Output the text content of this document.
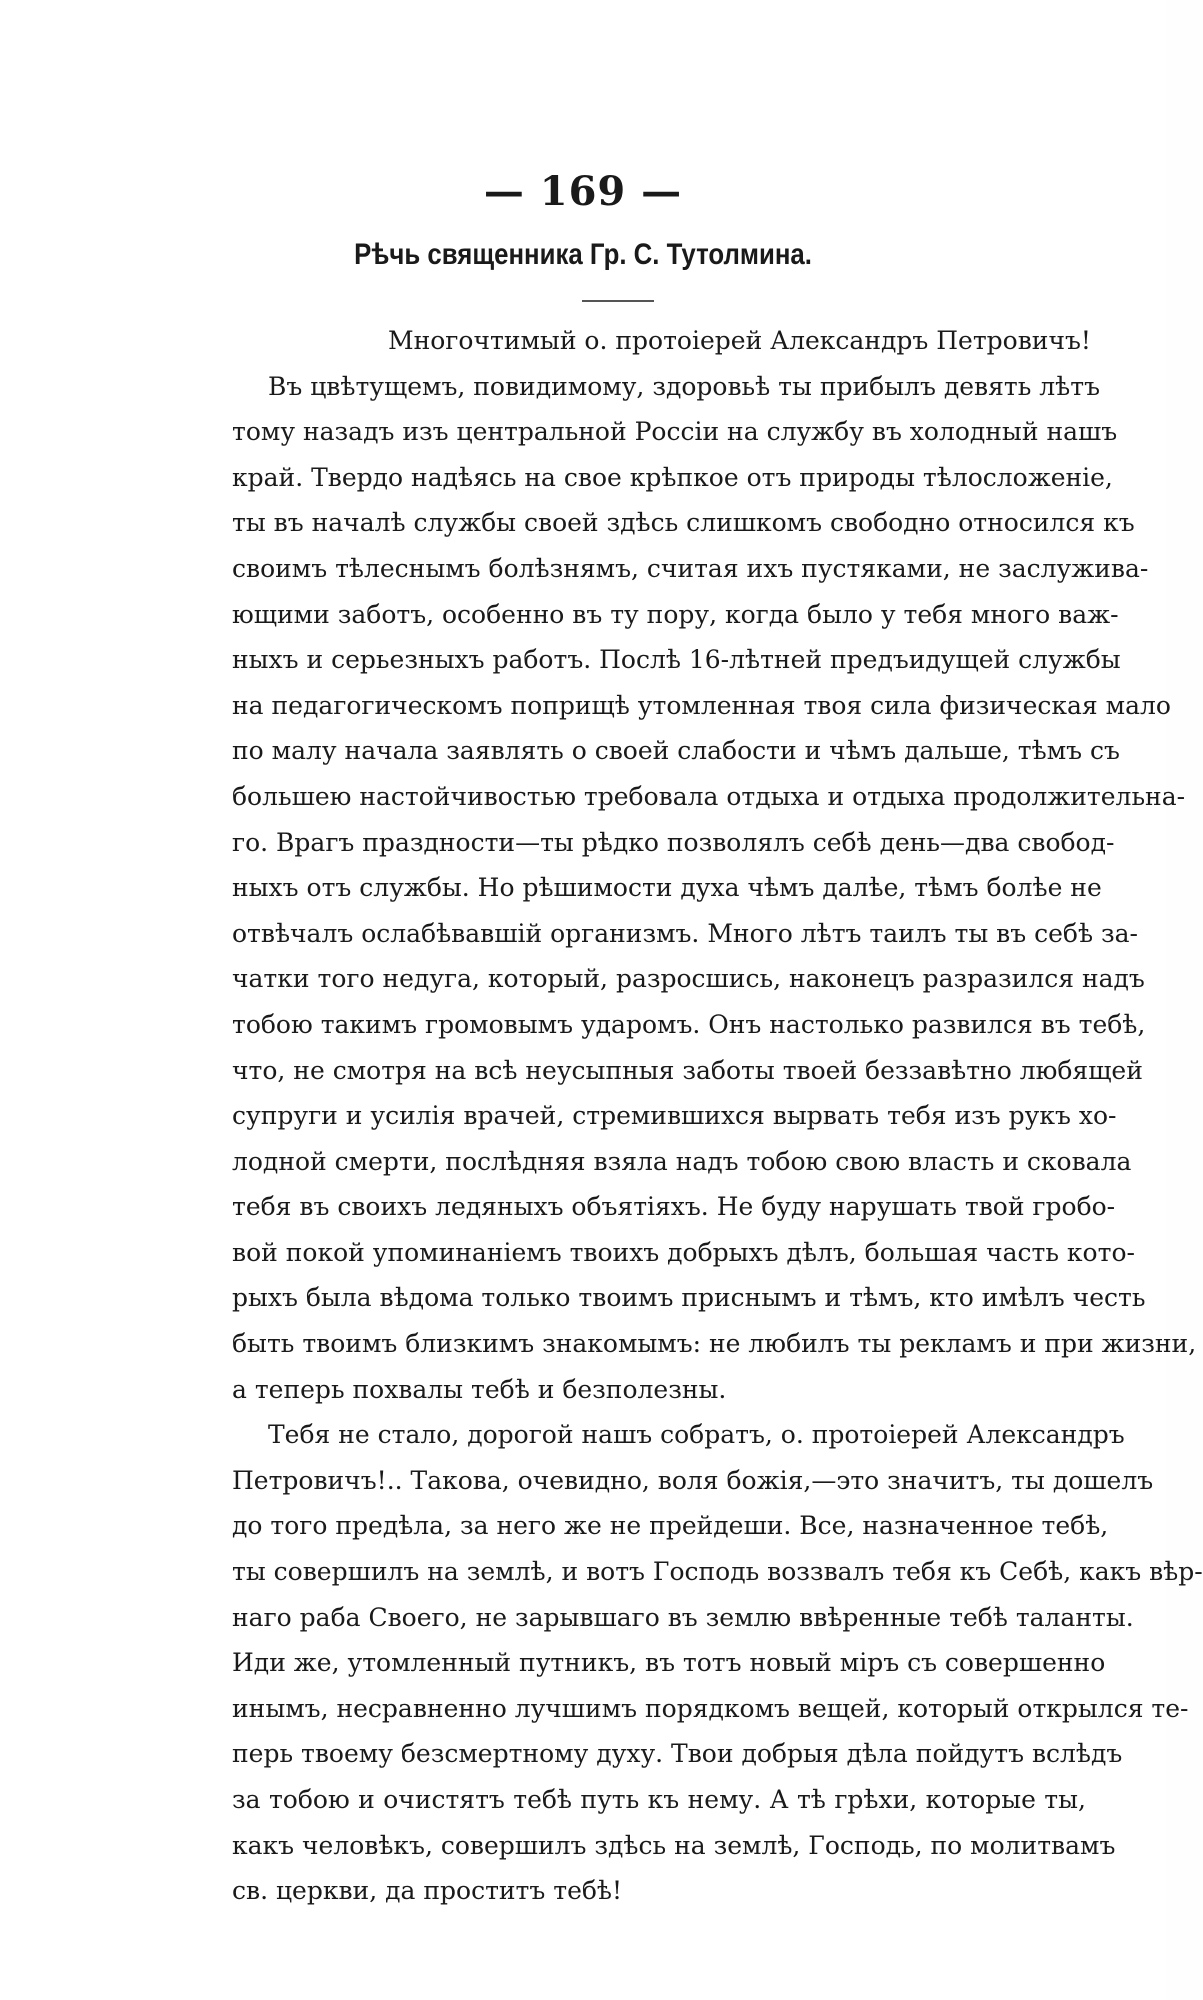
— 169 —
Рѣчь священника Гр. С. Тутолмина.
Многочтимый о. протоіерей Александръ Петровичъ!
Въ цвѣтущемъ, повидимому, здоровьѣ ты прибылъ девять лѣтъ
тому назадъ изъ центральной Россіи на службу въ холодный нашъ
край. Твердо надѣясь на свое крѣпкое отъ природы тѣлосложеніе,
ты въ началѣ службы своей здѣсь слишкомъ свободно относился къ
своимъ тѣлеснымъ болѣзнямъ, считая ихъ пустяками, не заслужива-
ющими заботъ, особенно въ ту пору, когда было у тебя много важ-
ныхъ и серьезныхъ работъ. Послѣ 16-лѣтней предъидущей службы
на педагогическомъ поприщѣ утомленная твоя сила физическая мало
по малу начала заявлять о своей слабости и чѣмъ дальше, тѣмъ съ
большею настойчивостью требовала отдыха и отдыха продолжительна-
го. Врагъ праздности—ты рѣдко позволялъ себѣ день—два свобод-
ныхъ отъ службы. Но рѣшимости духа чѣмъ далѣе, тѣмъ болѣе не
отвѣчалъ ослабѣвавшій организмъ. Много лѣтъ таилъ ты въ себѣ за-
чатки того недуга, который, разросшись, наконецъ разразился надъ
тобою такимъ громовымъ ударомъ. Онъ настолько развился въ тебѣ,
что, не смотря на всѣ неусыпныя заботы твоей беззавѣтно любящей
супруги и усилія врачей, стремившихся вырвать тебя изъ рукъ хо-
лодной смерти, послѣдняя взяла надъ тобою свою власть и сковала
тебя въ своихъ ледяныхъ объятіяхъ. Не буду нарушать твой гробо-
вой покой упоминаніемъ твоихъ добрыхъ дѣлъ, большая часть кото-
рыхъ была вѣдома только твоимъ приснымъ и тѣмъ, кто имѣлъ честь
быть твоимъ близкимъ знакомымъ: не любилъ ты рекламъ и при жизни,
а теперь похвалы тебѣ и безполезны.
Тебя не стало, дорогой нашъ собратъ, о. протоіерей Александръ
Петровичъ!.. Такова, очевидно, воля божія,—это значитъ, ты дошелъ
до того предѣла, за него же не прейдеши. Все, назначенное тебѣ,
ты совершилъ на землѣ, и вотъ Господь воззвалъ тебя къ Себѣ, какъ вѣр-
наго раба Своего, не зарывшаго въ землю ввѣренные тебѣ таланты.
Иди же, утомленный путникъ, въ тотъ новый міръ съ совершенно
инымъ, несравненно лучшимъ порядкомъ вещей, который открылся те-
перь твоему безсмертному духу. Твои добрыя дѣла пойдутъ вслѣдъ
за тобою и очистятъ тебѣ путь къ нему. А тѣ грѣхи, которые ты,
какъ человѣкъ, совершилъ здѣсь на землѣ, Господь, по молитвамъ
св. церкви, да проститъ тебѣ!
